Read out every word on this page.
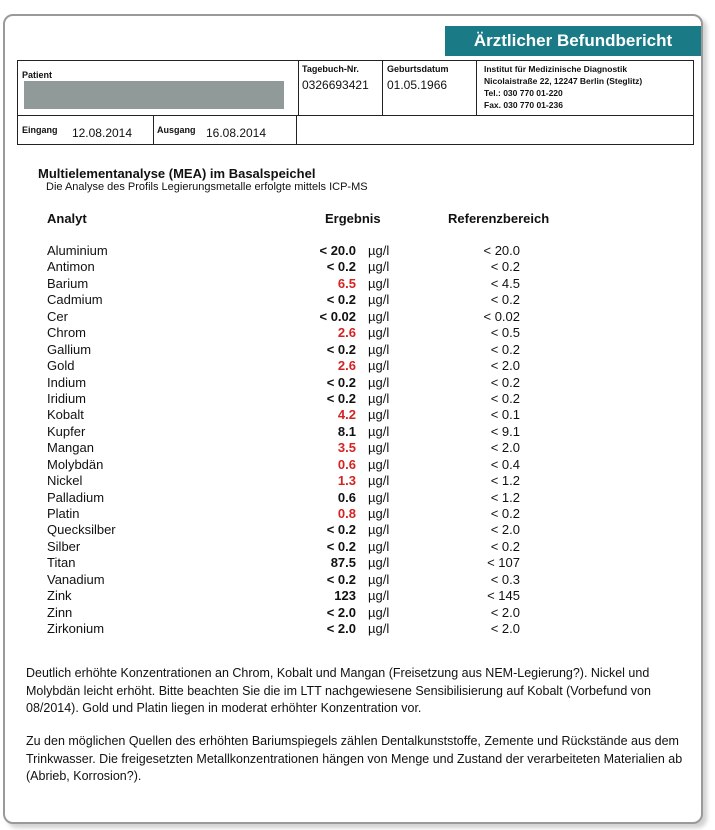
Ärztlicher Befundbericht
Patient
Tagebuch-Nr.
0326693421
Geburtsdatum
01.05.1966
Institut für Medizinische Diagnostik
Nicolaistraße 22, 12247 Berlin (Steglitz)
Tel.: 030 770 01-220
Fax. 030 770 01-236
Eingang $_{12.08.2014}$	Ausgang $_{16.08.2014}$
Multielementanalyse (MEA) im Basalspeichel
Die Analyse des Profils Legierungsmetalle erfolgte mittels ICP-MS
Analyt	Ergebnis	Referenzbereich
Aluminium	< 20.0 µg/l	< 20.0
Antimon	< 0.2 µg/l	< 0.2
Barium	6.5 µg/l	< 4.5
Cadmium	< 0.2 µg/l	< 0.2
Cer	< 0.02 µg/l	< 0.02
Chrom	2.6 µg/l	< 0.5
Gallium	< 0.2 µg/l	< 0.2
Gold	2.6 µg/l	< 2.0
Indium	< 0.2 µg/l	< 0.2
Iridium	< 0.2 µg/l	< 0.2
Kobalt	4.2 µg/l	< 0.1
Kupfer	8.1 µg/l	< 9.1
Mangan	3.5 µg/l	< 2.0
Molybdän	0.6 µg/l	< 0.4
Nickel	1.3 µg/l	< 1.2
Palladium	0.6 µg/l	< 1.2
Platin	0.8 µg/l	< 0.2
Quecksilber	< 0.2 µg/l	< 2.0
Silber	< 0.2 µg/l	< 0.2
Titan	87.5 µg/l	< 107
Vanadium	< 0.2 µg/l	< 0.3
Zink	123 µg/l	< 145
Zinn	< 2.0 µg/l	< 2.0
Zirkonium	< 2.0 µg/l	< 2.0
Deutlich erhöhte Konzentrationen an Chrom, Kobalt und Mangan (Freisetzung aus NEM-Legierung?). Nickel und Molybdän leicht erhöht. Bitte beachten Sie die im LTT nachgewiesene Sensibilisierung auf Kobalt (Vorbefund von 08/2014). Gold und Platin liegen in moderat erhöhter Konzentration vor.
Zu den möglichen Quellen des erhöhten Bariumspiegels zählen Dentalkunststoffe, Zemente und Rückstände aus dem Trinkwasser. Die freigesetzten Metallkonzentrationen hängen von Menge und Zustand der verarbeiteten Materialien ab (Abrieb, Korrosion?).
